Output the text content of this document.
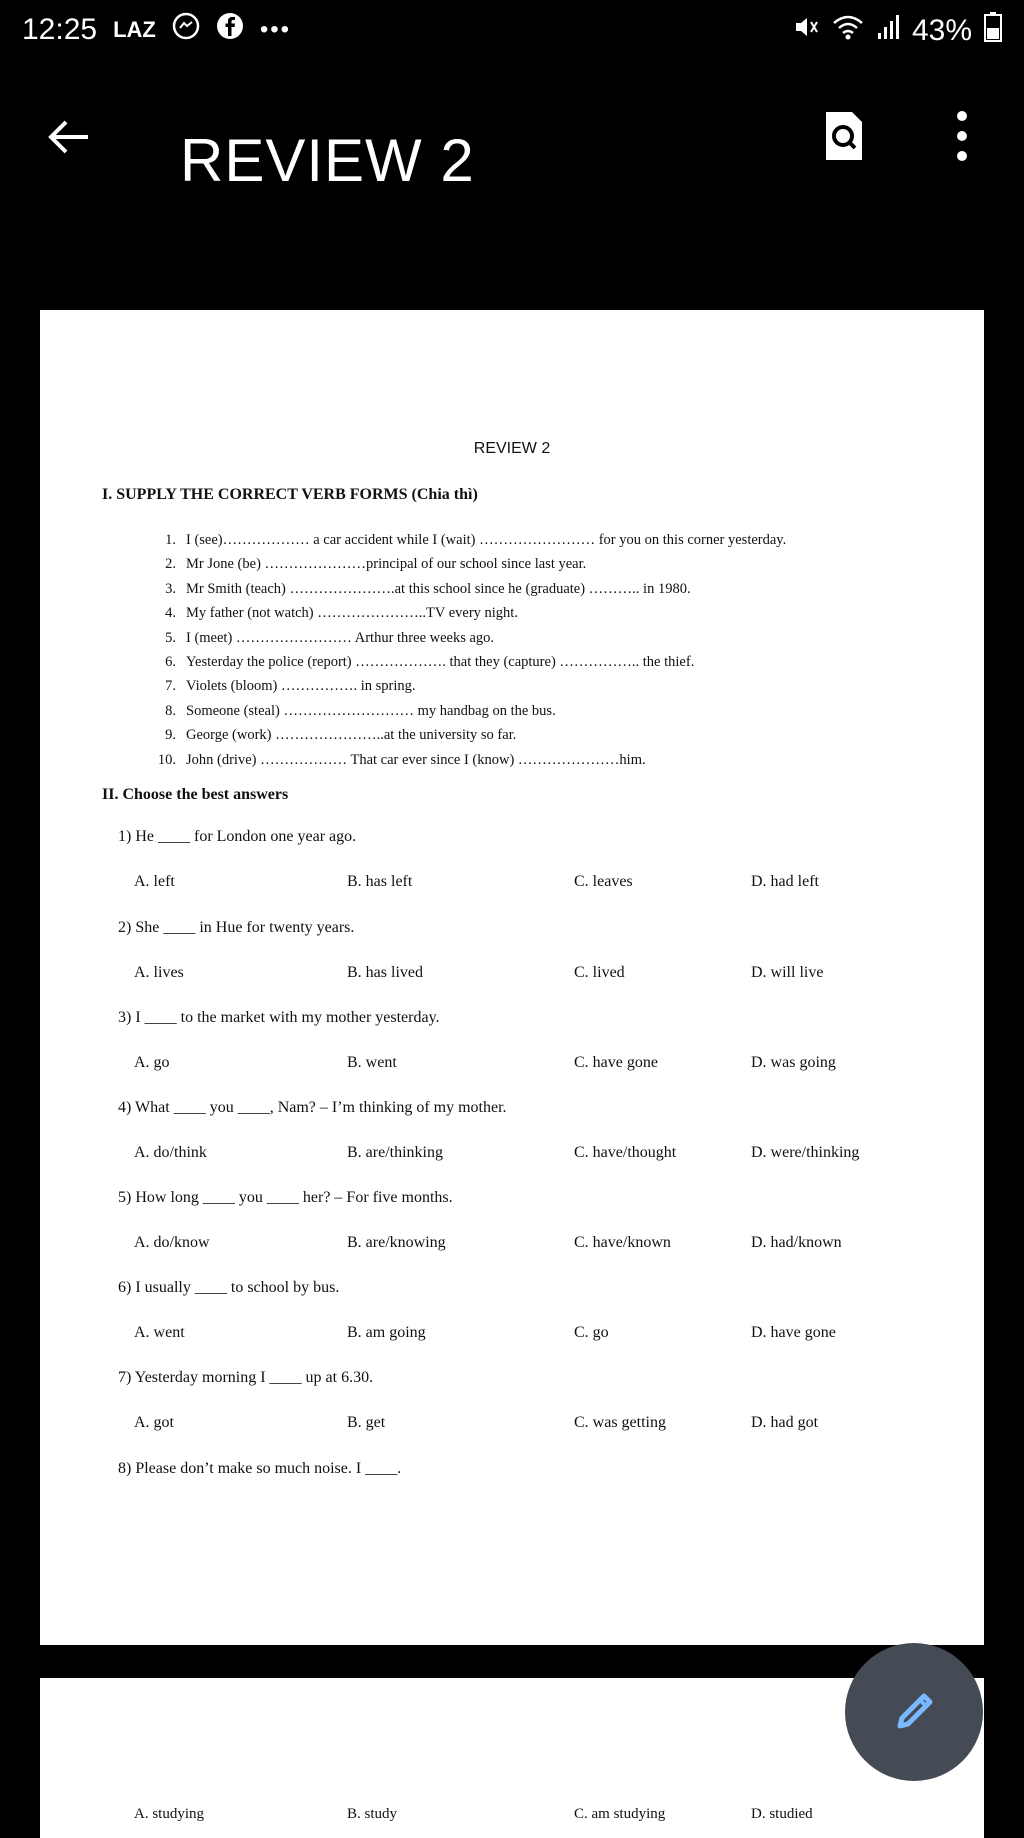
12:25 LAZ	•••	43%
REVIEW 2
REVIEW 2
I. SUPPLY THE CORRECT VERB FORMS (Chia thì)
1. I (see)……………… a car accident while I (wait) …………………… for you on this corner yesterday.
2. Mr Jone (be) …………………principal of our school since last year.
3. Mr Smith (teach) ………………….at this school since he (graduate) ……….. in 1980.
4. My father (not watch) …………………..TV every night.
5. I (meet) …………………… Arthur three weeks ago.
6. Yesterday the police (report) ………………. that they (capture) …………….. the thief.
7. Violets (bloom) ……………. in spring.
8. Someone (steal) ……………………… my handbag on the bus.
9. George (work) …………………..at the university so far.
10. John (drive) ……………… That car ever since I (know) …………………him.
II. Choose the best answers
1) He ____ for London one year ago.
A. left	B. has left	C. leaves	D. had left
2) She ____ in Hue for twenty years.
A. lives	B. has lived	C. lived	D. will live
3) I ____ to the market with my mother yesterday.
A. go	B. went	C. have gone	D. was going
4) What ____ you ____, Nam? – I’m thinking of my mother.
A. do/think	B. are/thinking	C. have/thought	D. were/thinking
5) How long ____ you ____ her? – For five months.
A. do/know	B. are/knowing	C. have/known	D. had/known
6) I usually ____ to school by bus.
A. went	B. am going	C. go	D. have gone
7) Yesterday morning I ____ up at 6.30.
A. got	B. get	C. was getting	D. had got
8) Please don’t make so much noise. I ____.
A. studying	B. study	C. am studying	D. studied
